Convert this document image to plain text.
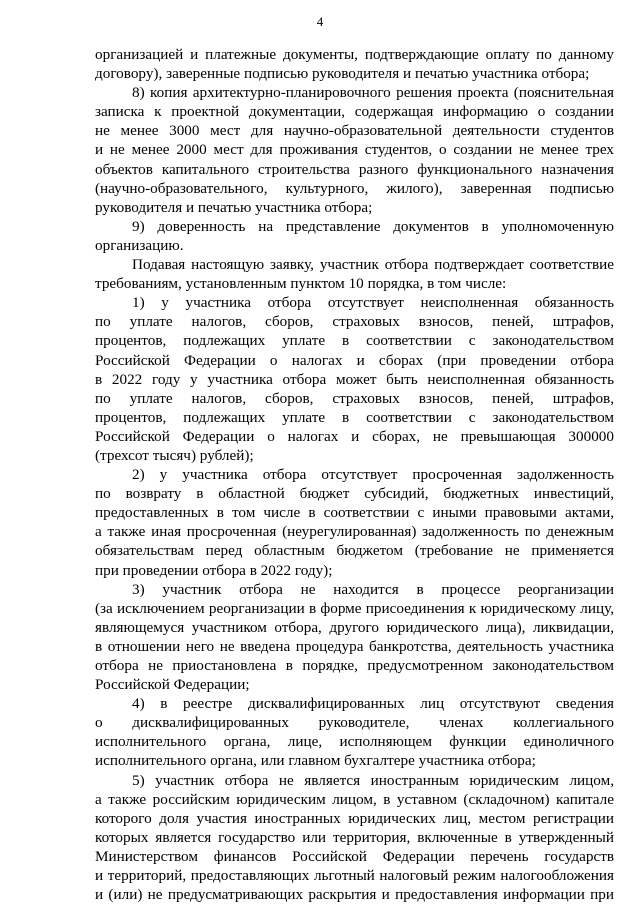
4
организацией и платежные документы, подтверждающие оплату по данному
договору), заверенные подписью руководителя и печатью участника отбора;
8) копия архитектурно-планировочного решения проекта (пояснительная
записка к проектной документации, содержащая информацию о создании
не менее 3000 мест для научно-образовательной деятельности студентов
и не менее 2000 мест для проживания студентов, о создании не менее трех
объектов капитального строительства разного функционального назначения
(научно-образовательного, культурного, жилого), заверенная подписью
руководителя и печатью участника отбора;
9) доверенность на представление документов в уполномоченную
организацию.
Подавая настоящую заявку, участник отбора подтверждает соответствие
требованиям, установленным пунктом 10 порядка, в том числе:
1) у участника отбора отсутствует неисполненная обязанность
по уплате налогов, сборов, страховых взносов, пеней, штрафов,
процентов, подлежащих уплате в соответствии с законодательством
Российской Федерации о налогах и сборах (при проведении отбора
в 2022 году у участника отбора может быть неисполненная обязанность
по уплате налогов, сборов, страховых взносов, пеней, штрафов,
процентов, подлежащих уплате в соответствии с законодательством
Российской Федерации о налогах и сборах, не превышающая 300000
(трехсот тысяч) рублей);
2) у участника отбора отсутствует просроченная задолженность
по возврату в областной бюджет субсидий, бюджетных инвестиций,
предоставленных в том числе в соответствии с иными правовыми актами,
а также иная просроченная (неурегулированная) задолженность по денежным
обязательствам перед областным бюджетом (требование не применяется
при проведении отбора в 2022 году);
3) участник отбора не находится в процессе реорганизации
(за исключением реорганизации в форме присоединения к юридическому лицу,
являющемуся участником отбора, другого юридического лица), ликвидации,
в отношении него не введена процедура банкротства, деятельность участника
отбора не приостановлена в порядке, предусмотренном законодательством
Российской Федерации;
4) в реестре дисквалифицированных лиц отсутствуют сведения
о дисквалифицированных руководителе, членах коллегиального
исполнительного органа, лице, исполняющем функции единоличного
исполнительного органа, или главном бухгалтере участника отбора;
5) участник отбора не является иностранным юридическим лицом,
а также российским юридическим лицом, в уставном (складочном) капитале
которого доля участия иностранных юридических лиц, местом регистрации
которых является государство или территория, включенные в утвержденный
Министерством финансов Российской Федерации перечень государств
и территорий, предоставляющих льготный налоговый режим налогообложения
и (или) не предусматривающих раскрытия и предоставления информации при
